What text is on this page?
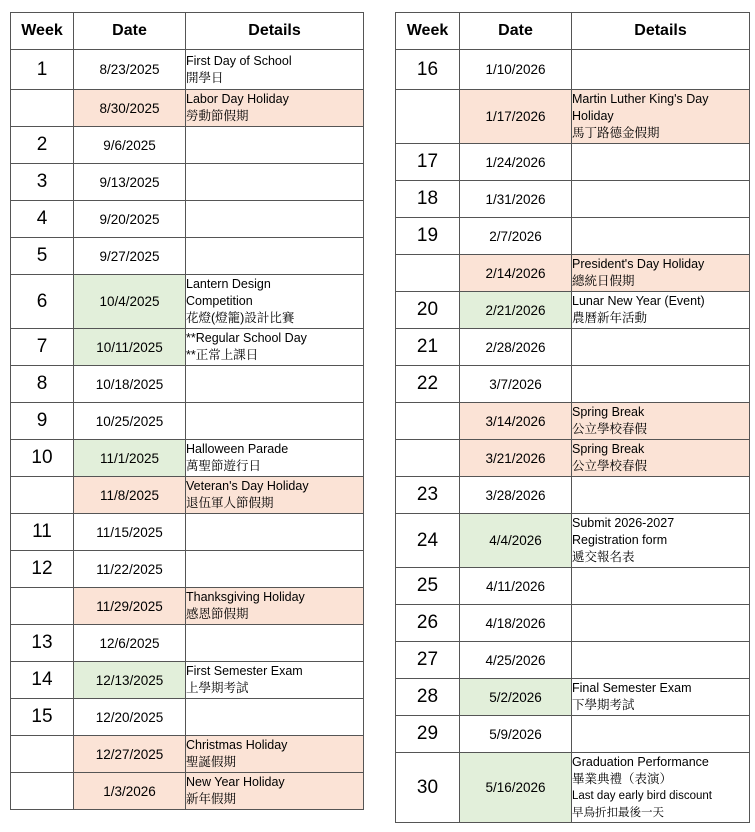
Week	Date	Details
1	8/23/2025	First Day of School
開學日

	8/30/2025	Labor Day Holiday
勞動節假期

2	9/6/2025	
3	9/13/2025	
4	9/20/2025	
5	9/27/2025	
6	10/4/2025	Lantern Design
Competition
花燈(燈籠)設計比賽

7	10/11/2025	**Regular School Day
**正常上課日

8	10/18/2025	
9	10/25/2025	
10	11/1/2025	Halloween Parade
萬聖節遊行日

	11/8/2025	Veteran's Day Holiday
退伍軍人節假期

11	11/15/2025	
12	11/22/2025	
	11/29/2025	Thanksgiving Holiday
感恩節假期

13	12/6/2025	
14	12/13/2025	First Semester Exam
上學期考試

15	12/20/2025	
	12/27/2025	Christmas Holiday
聖誕假期

	1/3/2026	New Year Holiday
新年假期
Week	Date	Details
16	1/10/2026	
	1/17/2026	Martin Luther King's Day
Holiday
馬丁路德金假期

17	1/24/2026	
18	1/31/2026	
19	2/7/2026	
	2/14/2026	President's Day Holiday
總統日假期

20	2/21/2026	Lunar New Year (Event)
農曆新年活動

21	2/28/2026	
22	3/7/2026	
	3/14/2026	Spring Break
公立學校春假

	3/21/2026	Spring Break
公立學校春假

23	3/28/2026	
24	4/4/2026	Submit 2026-2027
Registration form
遞交報名表

25	4/11/2026	
26	4/18/2026	
27	4/25/2026	
28	5/2/2026	Final Semester Exam
下學期考試

29	5/9/2026	
30	5/16/2026	Graduation Performance
畢業典禮（表演）
Last day early bird discount
早鳥折扣最後一天
